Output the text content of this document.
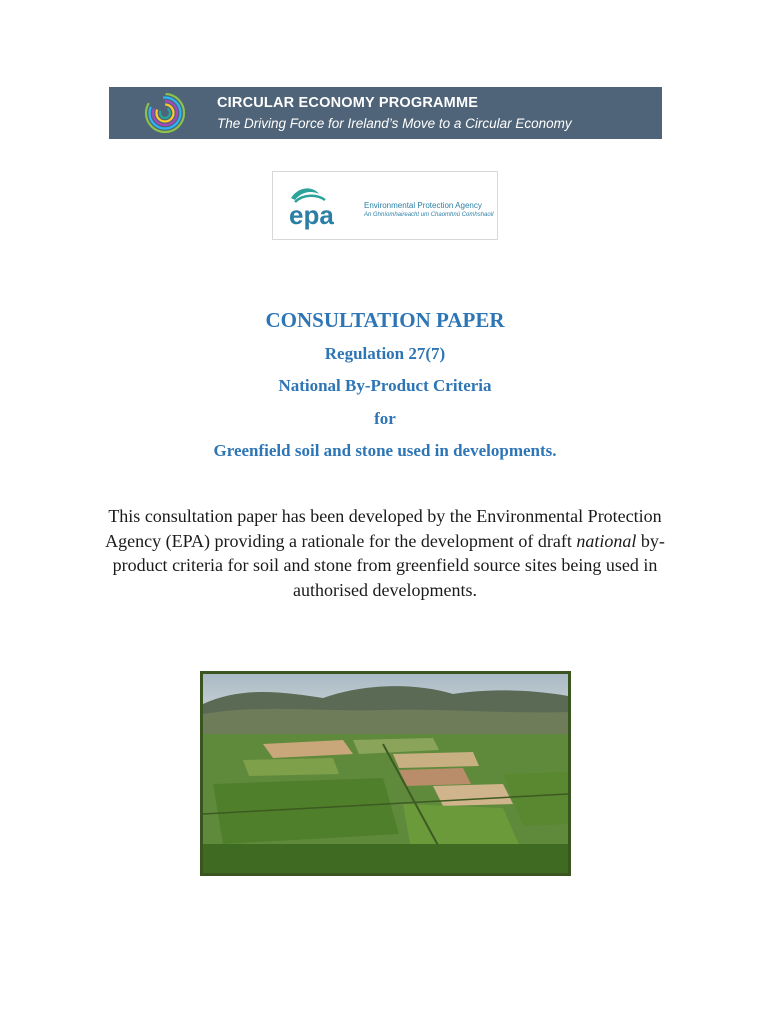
CIRCULAR ECONOMY PROGRAMME
The Driving Force for Ireland’s Move to a Circular Economy
epa	Environmental Protection Agency
An Ghníomhaireacht um Chaomhnú Comhshaoil
CONSULTATION PAPER
Regulation 27(7)
National By-Product Criteria
for
Greenfield soil and stone used in developments.
This consultation paper has been developed by the Environmental Protection Agency (EPA) providing a rationale for the development of draft national by-product criteria for soil and stone from greenfield source sites being used in authorised developments.
